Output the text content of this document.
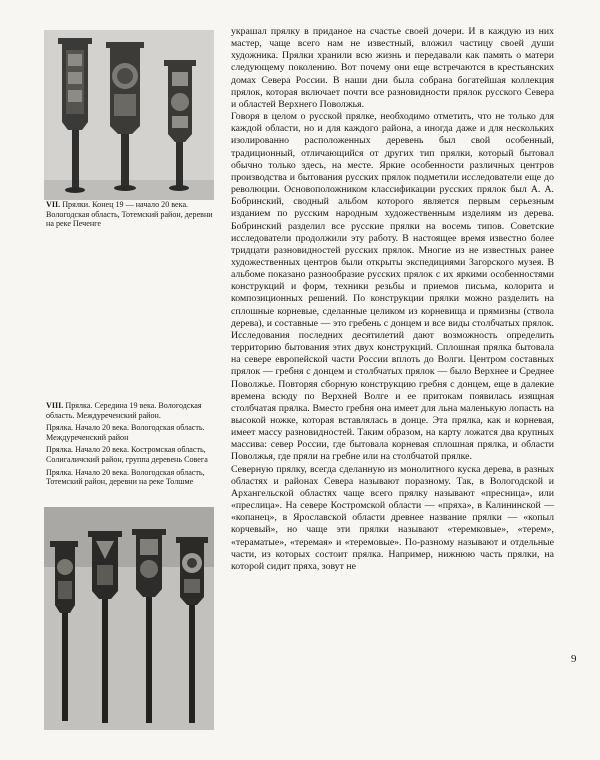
VII. Прялки. Конец 19 — начало 20 века. Вологодская область, Тотемский район, деревни на реке Печенге

VIII. Прялка. Середина 19 века. Вологодская область. Междуреченский район.

Прялка. Начало 20 века. Вологодская область. Междуреченский район

Прялка. Начало 20 века. Костромская область, Солигаличский район, группа деревень Совега

Прялка. Начало 20 века. Вологодская область, Тотемский район, деревни на реке Толшме

украшал прялку в приданое на счастье своей дочери. И в каждую из них мастер, чаще всего нам не известный, вложил частицу своей души художника. Прялки хранили всю жизнь и передавали как память о матери следующему поколению. Вот почему они еще встречаются в крестьянских домах Севера России. В наши дни была собрана богатейшая коллекция прялок, которая включает почти все разновидности прялок русского Севера и областей Верхнего Поволжья.

Говоря в целом о русской прялке, необходимо отметить, что не только для каждой области, но и для каждого района, а иногда даже и для нескольких изолированно расположенных деревень был свой особенный, традиционный, отличающийся от других тип прялки, который бытовал обычно только здесь, на месте. Яркие особенности различных центров производства и бытования русских прялок подметили исследователи еще до революции. Основоположником классификации русских прялок был А. А. Бобринский, сводный альбом которого является первым серьезным изданием по русским народным художественным изделиям из дерева. Бобринский разделил все русские прялки на восемь типов. Советские исследователи продолжили эту работу. В настоящее время известно более тридцати разновидностей русских прялок. Многие из не известных ранее художественных центров были открыты экспедициями Загорского музея. В альбоме показано разнообразие русских прялок с их яркими особенностями конструкций и форм, техники резьбы и приемов письма, колорита и композиционных решений. По конструкции прялки можно разделить на сплошные корневые, сделанные целиком из корневища и прямизны (ствола дерева), и составные — это гребень с донцем и все виды столбчатых прялок. Исследования последних десятилетий дают возможность определить территорию бытования этих двух конструкций. Сплошная прялка бытовала на севере европейской части России вплоть до Волги. Центром составных прялок — гребня с донцем и столбчатых прялок — было Верхнее и Среднее Поволжье. Повторяя сборную конструкцию гребня с донцем, еще в далекие времена всюду по Верхней Волге и ее притокам появилась изящная столбчатая прялка. Вместо гребня она имеет для льна маленькую лопасть на высокой ножке, которая вставлялась в донце. Эта прялка, как и корневая, имеет массу разновидностей. Таким образом, на карту ложатся два крупных массива: север России, где бытовала корневая сплошная прялка, и области Поволжья, где пряли на гребне или на столбчатой прялке.

Северную прялку, всегда сделанную из монолитного куска дерева, в разных областях и районах Севера называют поразному. Так, в Вологодской и Архангельской областях чаще всего прялку называют «пресница», или «преслица». На севере Костромской области — «пряха», в Калининской — «копанец», в Ярославской области древнее название прялки — «копыл корчевый», но чаще эти прялки называют «теремковые», «терем», «тераматые», «теремая» и «теремовые». По-разному называют и отдельные части, из которых состоит прялка. Например, нижнюю часть прялки, на которой сидит пряха, зовут не

9
